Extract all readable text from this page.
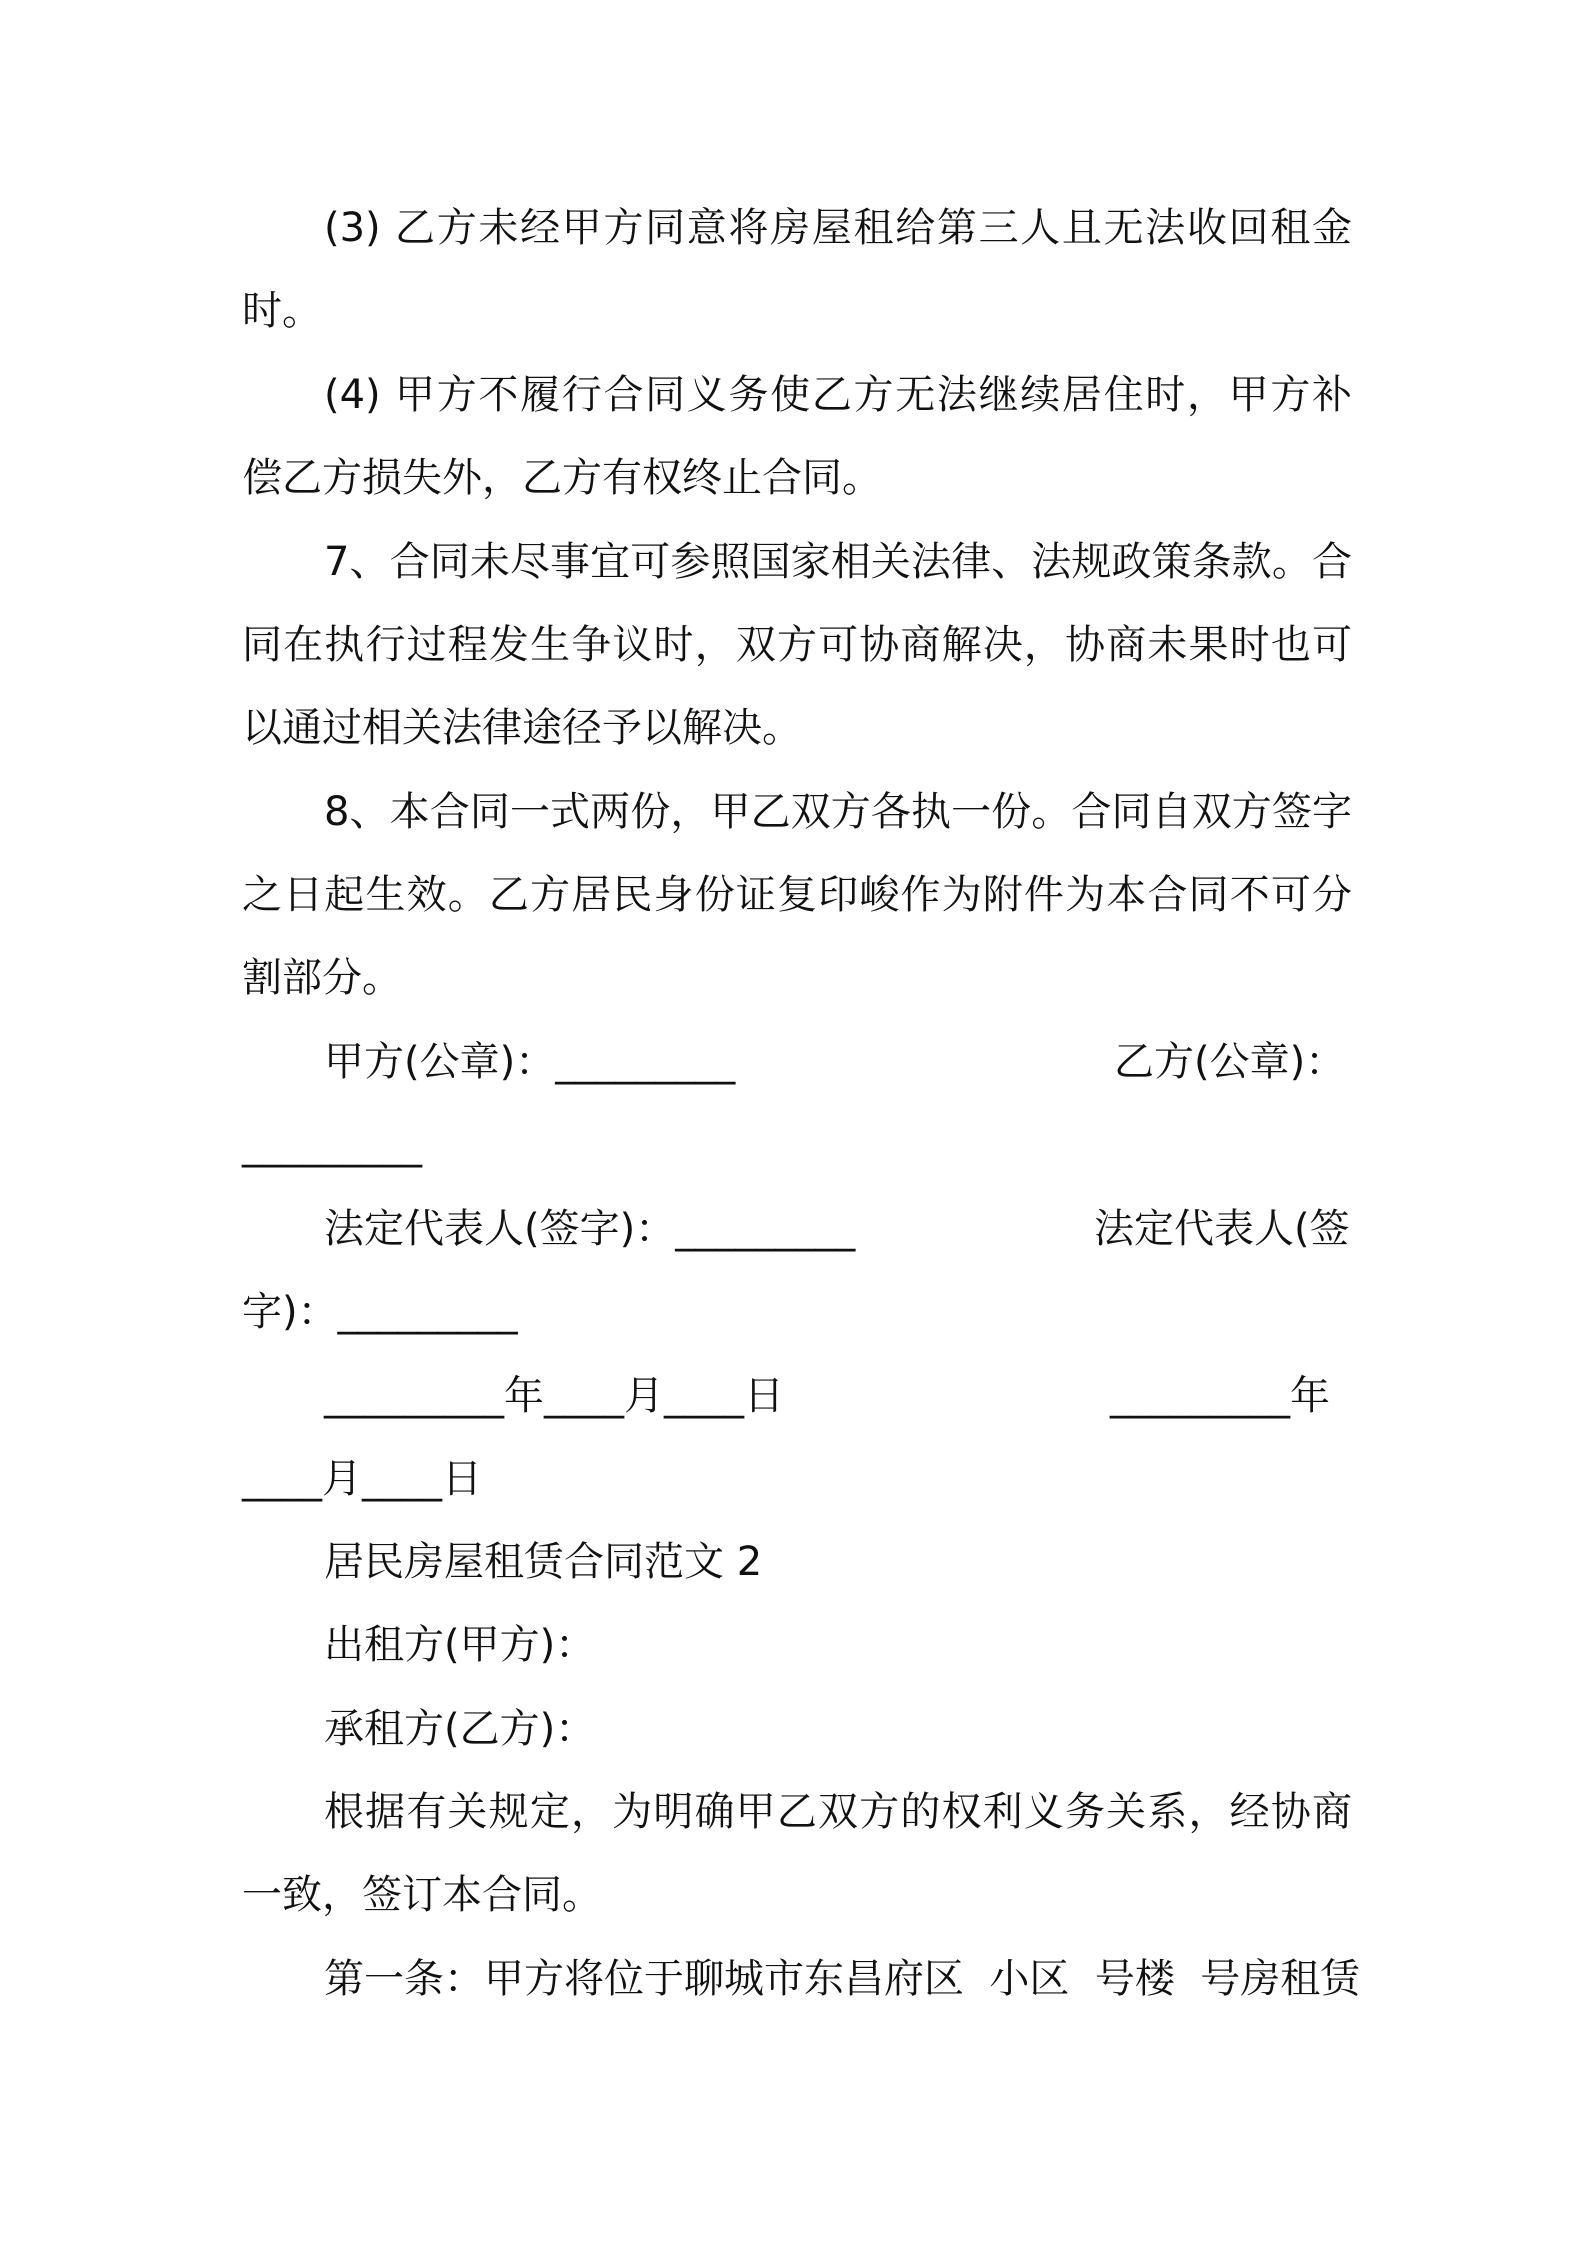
(3) 乙方未经甲方同意将房屋租给第三人且无法收回租金时。

(4) 甲方不履行合同义务使乙方无法继续居住时，甲方补偿乙方损失外，乙方有权终止合同。

7、合同未尽事宜可参照国家相关法律、法规政策条款。合同在执行过程发生争议时，双方可协商解决，协商未果时也可以通过相关法律途径予以解决。

8、本合同一式两份，甲乙双方各执一份。合同自双方签字之日起生效。乙方居民身份证复印峻作为附件为本合同不可分割部分。

甲方(公章)：_________	乙方(公章)：
_________
法定代表人(签字)：_________	法定代表人(签
字)：_________
_________年____月____日	_________年
____月____日
居民房屋租赁合同范文 2
出租方(甲方)：
承租方(乙方)：

根据有关规定，为明确甲乙双方的权利义务关系，经协商一致，签订本合同。

第一条：甲方将位于聊城市东昌府区  小区  号楼  号房租赁
